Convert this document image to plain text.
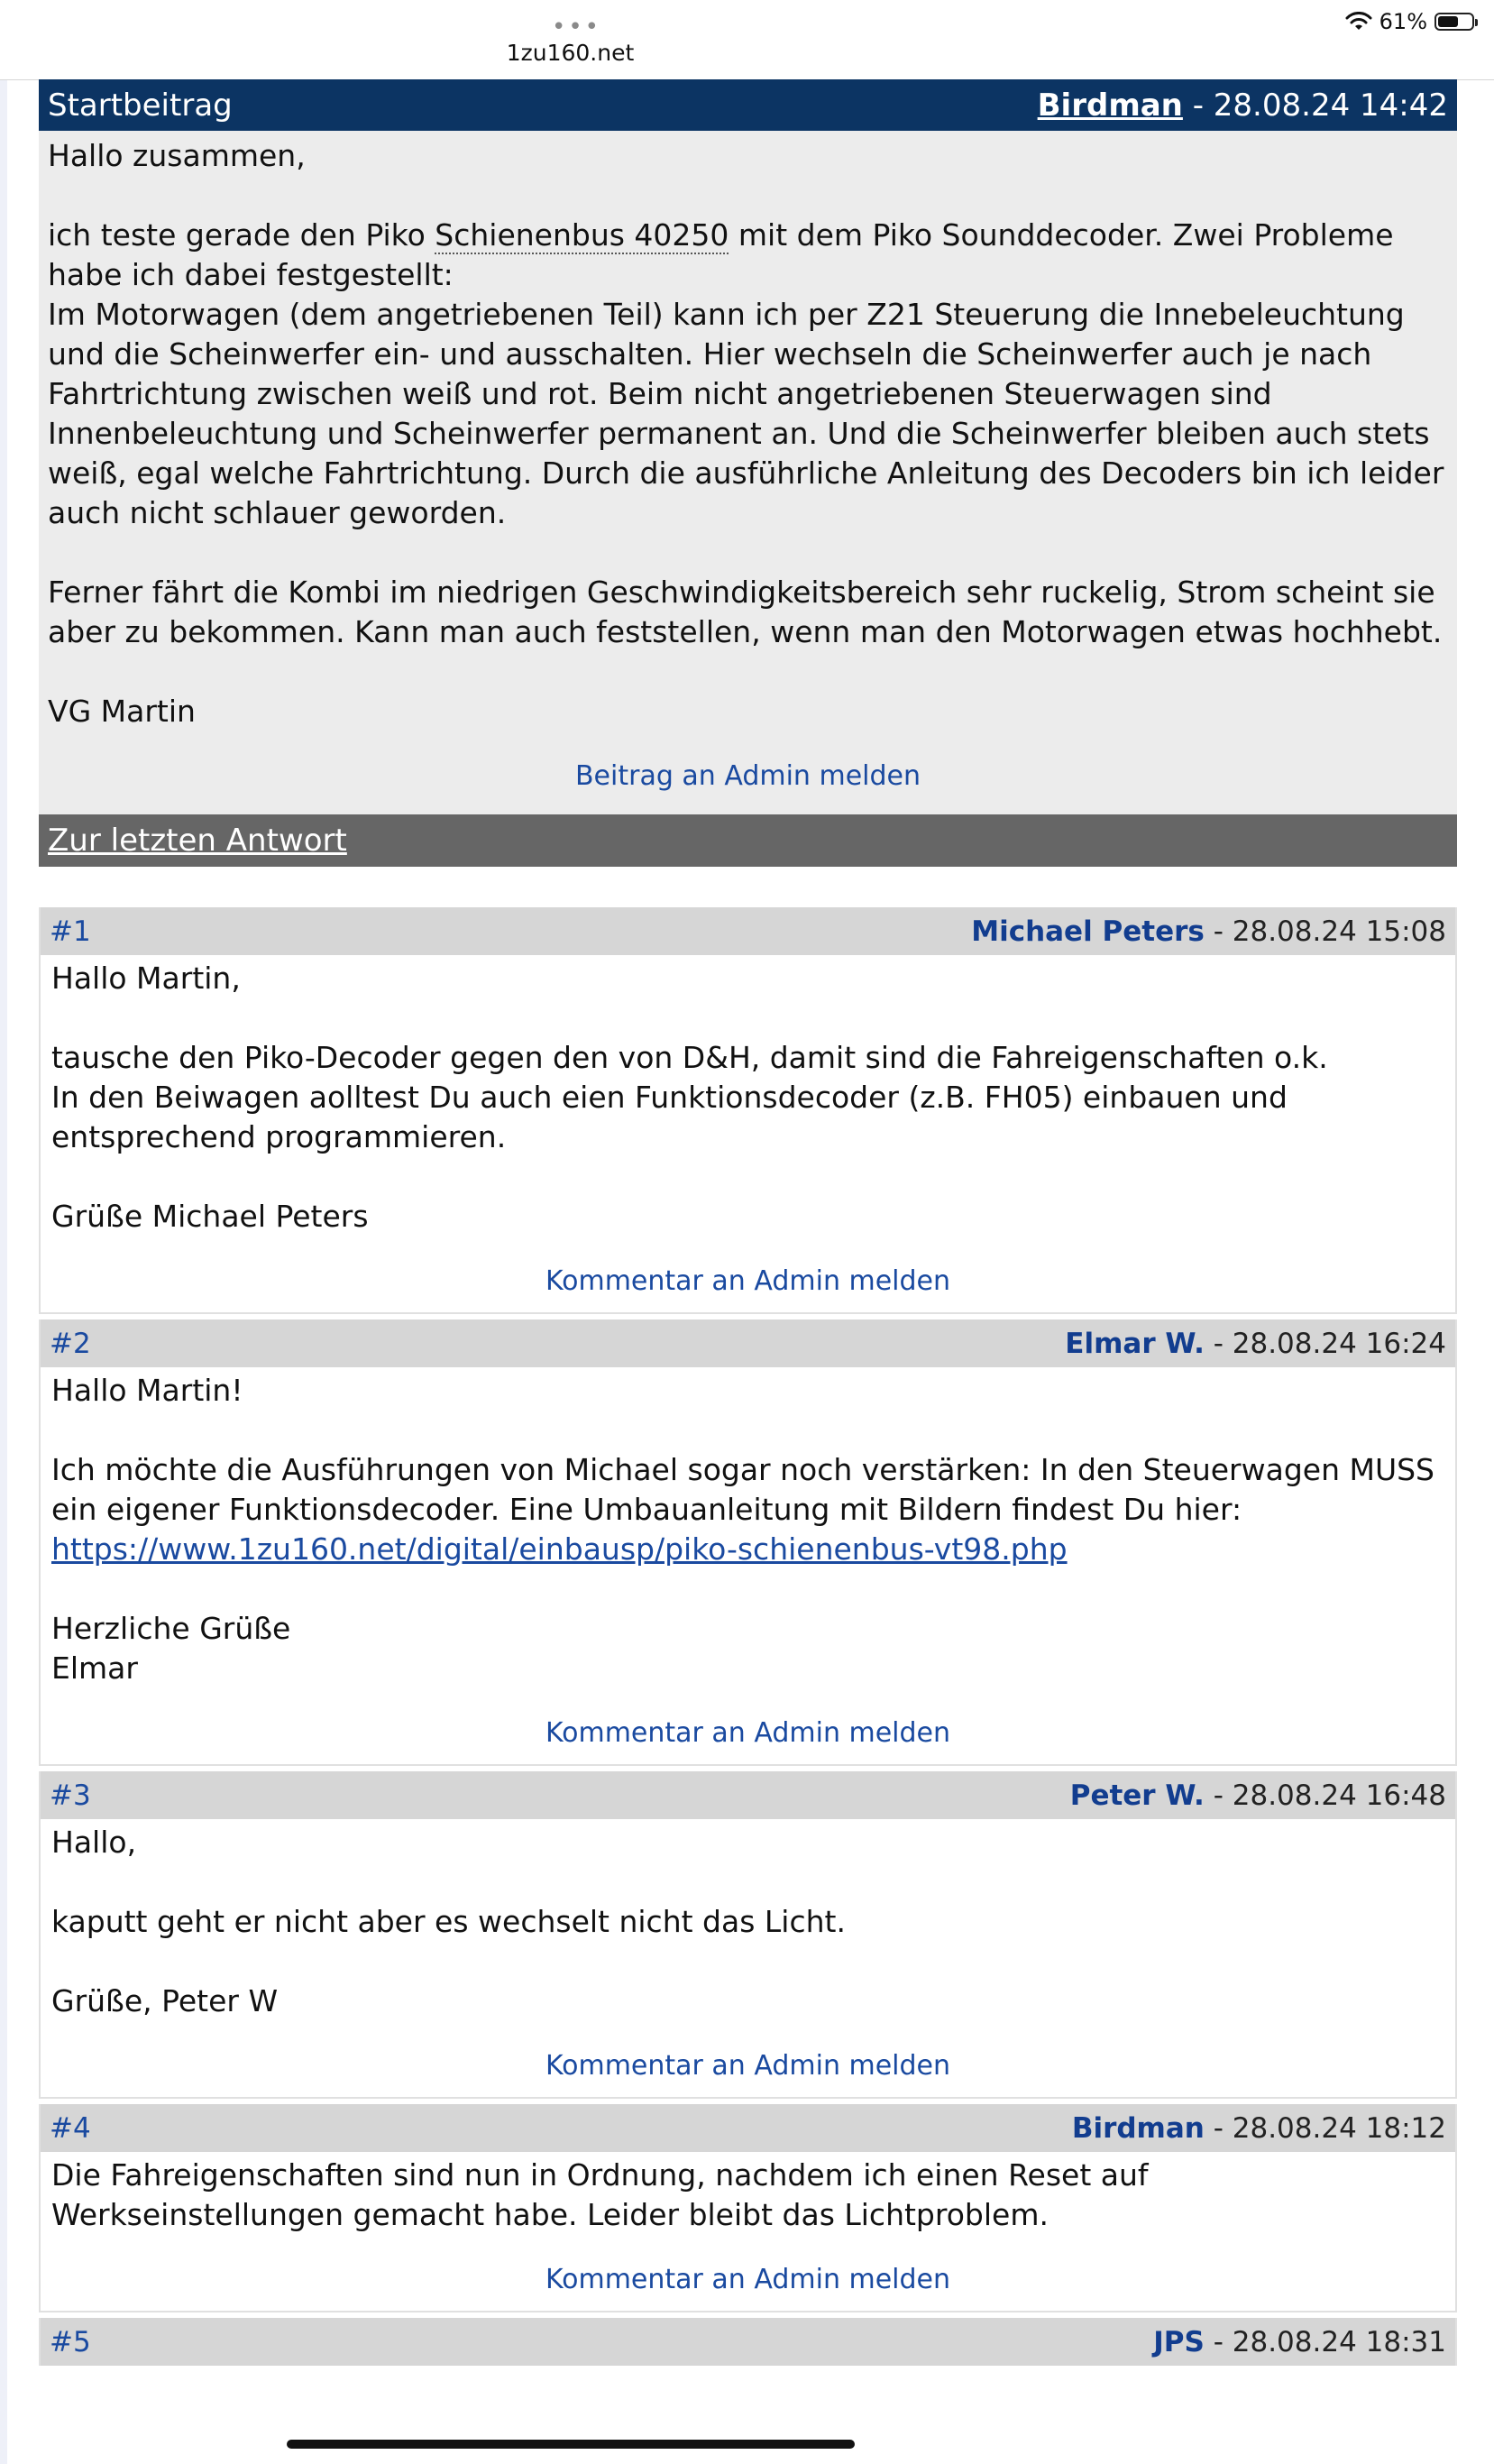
•••
1zu160.net
61%
Startbeitrag	Birdman - 28.08.24 14:42

Hallo zusammen,

ich teste gerade den Piko Schienenbus 40250 mit dem Piko Sounddecoder. Zwei Probleme habe ich dabei festgestellt:

Im Motorwagen (dem angetriebenen Teil) kann ich per Z21 Steuerung die Innebeleuchtung und die Scheinwerfer ein- und ausschalten. Hier wechseln die Scheinwerfer auch je nach Fahrtrichtung zwischen weiß und rot. Beim nicht angetriebenen Steuerwagen sind Innenbeleuchtung und Scheinwerfer permanent an. Und die Scheinwerfer bleiben auch stets weiß, egal welche Fahrtrichtung. Durch die ausführliche Anleitung des Decoders bin ich leider auch nicht schlauer geworden.

Ferner fährt die Kombi im niedrigen Geschwindigkeitsbereich sehr ruckelig, Strom scheint sie aber zu bekommen. Kann man auch feststellen, wenn man den Motorwagen etwas hochhebt.

VG Martin

Beitrag an Admin melden
Zur letzten Antwort
#1	Michael Peters - 28.08.24 15:08

Hallo Martin,

tausche den Piko-Decoder gegen den von D&H, damit sind die Fahreigenschaften o.k.

In den Beiwagen aolltest Du auch eien Funktionsdecoder (z.B. FH05) einbauen und entsprechend programmieren.

Grüße Michael Peters

Kommentar an Admin melden
#2	Elmar W. - 28.08.24 16:24

Hallo Martin!

Ich möchte die Ausführungen von Michael sogar noch verstärken: In den Steuerwagen MUSS ein eigener Funktionsdecoder. Eine Umbauanleitung mit Bildern findest Du hier:

https://www.1zu160.net/digital/einbausp/piko-schienenbus-vt98.php

Herzliche Grüße

Elmar

Kommentar an Admin melden
#3	Peter W. - 28.08.24 16:48

Hallo,

kaputt geht er nicht aber es wechselt nicht das Licht.

Grüße, Peter W

Kommentar an Admin melden
#4	Birdman - 28.08.24 18:12

Die Fahreigenschaften sind nun in Ordnung, nachdem ich einen Reset auf Werkseinstellungen gemacht habe. Leider bleibt das Lichtproblem.

Kommentar an Admin melden
#5	JPS - 28.08.24 18:31
